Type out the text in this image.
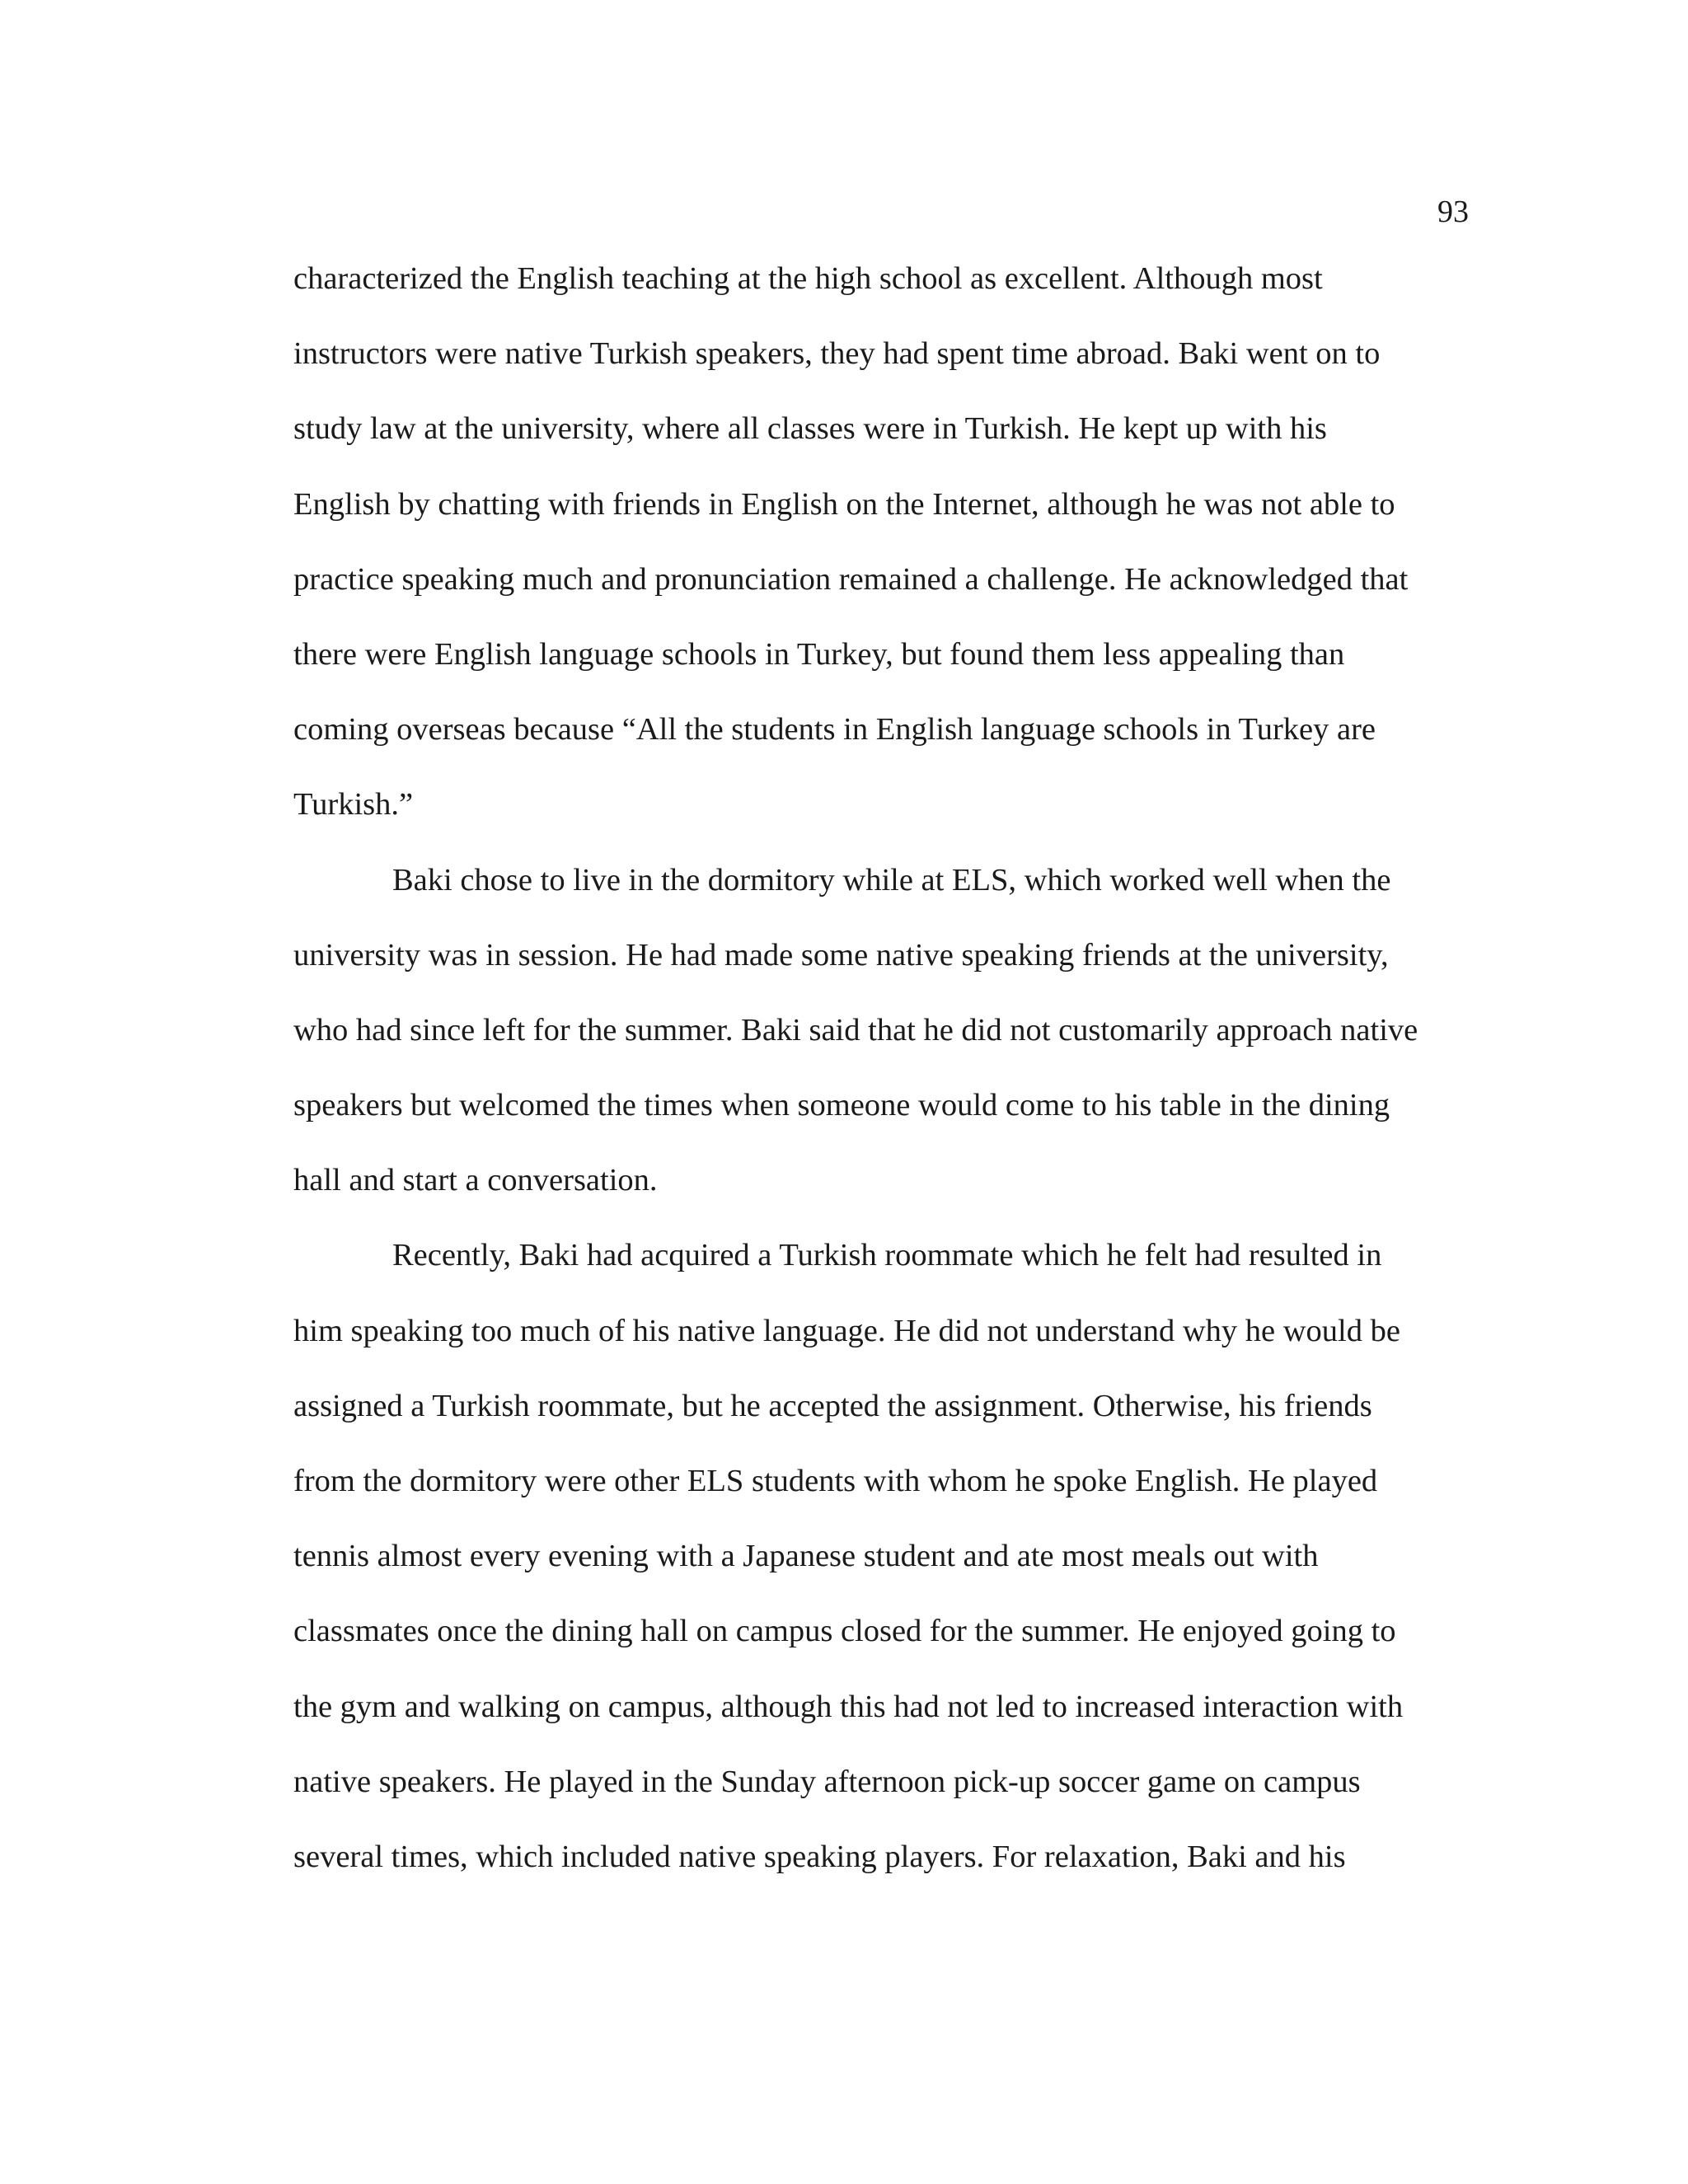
93
characterized the English teaching at the high school as excellent. Although most
instructors were native Turkish speakers, they had spent time abroad. Baki went on to
study law at the university, where all classes were in Turkish. He kept up with his
English by chatting with friends in English on the Internet, although he was not able to
practice speaking much and pronunciation remained a challenge. He acknowledged that
there were English language schools in Turkey, but found them less appealing than
coming overseas because “All the students in English language schools in Turkey are
Turkish.”
Baki chose to live in the dormitory while at ELS, which worked well when the
university was in session. He had made some native speaking friends at the university,
who had since left for the summer. Baki said that he did not customarily approach native
speakers but welcomed the times when someone would come to his table in the dining
hall and start a conversation.
Recently, Baki had acquired a Turkish roommate which he felt had resulted in
him speaking too much of his native language. He did not understand why he would be
assigned a Turkish roommate, but he accepted the assignment. Otherwise, his friends
from the dormitory were other ELS students with whom he spoke English. He played
tennis almost every evening with a Japanese student and ate most meals out with
classmates once the dining hall on campus closed for the summer. He enjoyed going to
the gym and walking on campus, although this had not led to increased interaction with
native speakers. He played in the Sunday afternoon pick-up soccer game on campus
several times, which included native speaking players. For relaxation, Baki and his
